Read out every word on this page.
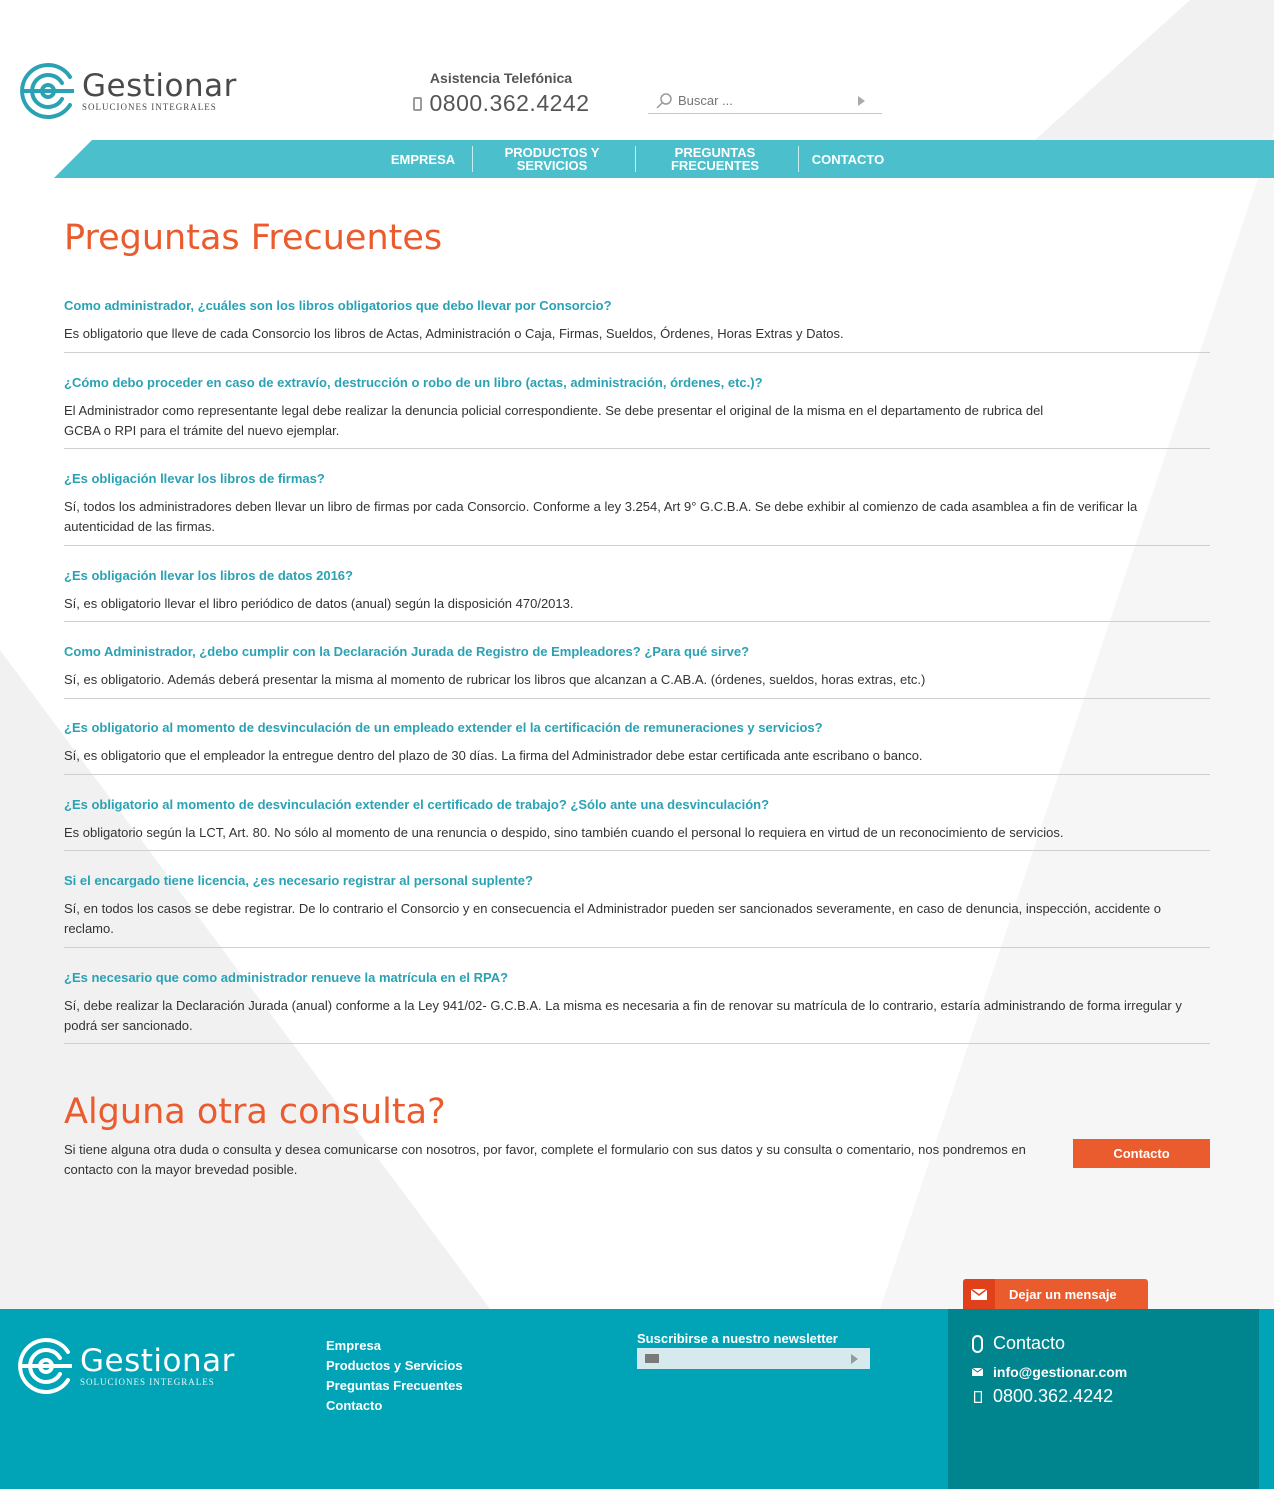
Gestionar
SOLUCIONES INTEGRALES
Asistencia Telefónica
0800.362.4242
Buscar ...
EMPRESA	PRODUCTOS Y SERVICIOS
PREGUNTAS FRECUENTES	CONTACTO
Preguntas Frecuentes
Como administrador, ¿cuáles son los libros obligatorios que debo llevar por Consorcio?
Es obligatorio que lleve de cada Consorcio los libros de Actas, Administración o Caja, Firmas, Sueldos, Órdenes, Horas Extras y Datos.
¿Cómo debo proceder en caso de extravío, destrucción o robo de un libro (actas, administración, órdenes, etc.)?
El Administrador como representante legal debe realizar la denuncia policial correspondiente. Se debe presentar el original de la misma en el departamento de rubrica del GCBA o RPI para el trámite del nuevo ejemplar.
¿Es obligación llevar los libros de firmas?
Sí, todos los administradores deben llevar un libro de firmas por cada Consorcio. Conforme a ley 3.254, Art 9° G.C.B.A. Se debe exhibir al comienzo de cada asamblea a fin de verificar la autenticidad de las firmas.
¿Es obligación llevar los libros de datos 2016?
Sí, es obligatorio llevar el libro periódico de datos (anual) según la disposición 470/2013.
Como Administrador, ¿debo cumplir con la Declaración Jurada de Registro de Empleadores? ¿Para qué sirve?
Sí, es obligatorio. Además deberá presentar la misma al momento de rubricar los libros que alcanzan a C.AB.A. (órdenes, sueldos, horas extras, etc.)
¿Es obligatorio al momento de desvinculación de un empleado extender el la certificación de remuneraciones y servicios?
Sí, es obligatorio que el empleador la entregue dentro del plazo de 30 días. La firma del Administrador debe estar certificada ante escribano o banco.
¿Es obligatorio al momento de desvinculación extender el certificado de trabajo? ¿Sólo ante una desvinculación?
Es obligatorio según la LCT, Art. 80. No sólo al momento de una renuncia o despido, sino también cuando el personal lo requiera en virtud de un reconocimiento de servicios.
Si el encargado tiene licencia, ¿es necesario registrar al personal suplente?
Sí, en todos los casos se debe registrar. De lo contrario el Consorcio y en consecuencia el Administrador pueden ser sancionados severamente, en caso de denuncia, inspección, accidente o reclamo.
¿Es necesario que como administrador renueve la matrícula en el RPA?
Sí, debe realizar la Declaración Jurada (anual) conforme a la Ley 941/02- G.C.B.A. La misma es necesaria a fin de renovar su matrícula de lo contrario, estaría administrando de forma irregular y podrá ser sancionado.
Alguna otra consulta?
Si tiene alguna otra duda o consulta y desea comunicarse con nosotros, por favor, complete el formulario con sus datos y su consulta o comentario, nos pondremos en contacto con la mayor brevedad posible.
Contacto
Dejar un mensaje
Gestionar
SOLUCIONES INTEGRALES
Empresa
Productos y Servicios
Preguntas Frecuentes
Contacto
Suscribirse a nuestro newsletter	Contacto
info@gestionar.com
0800.362.4242
